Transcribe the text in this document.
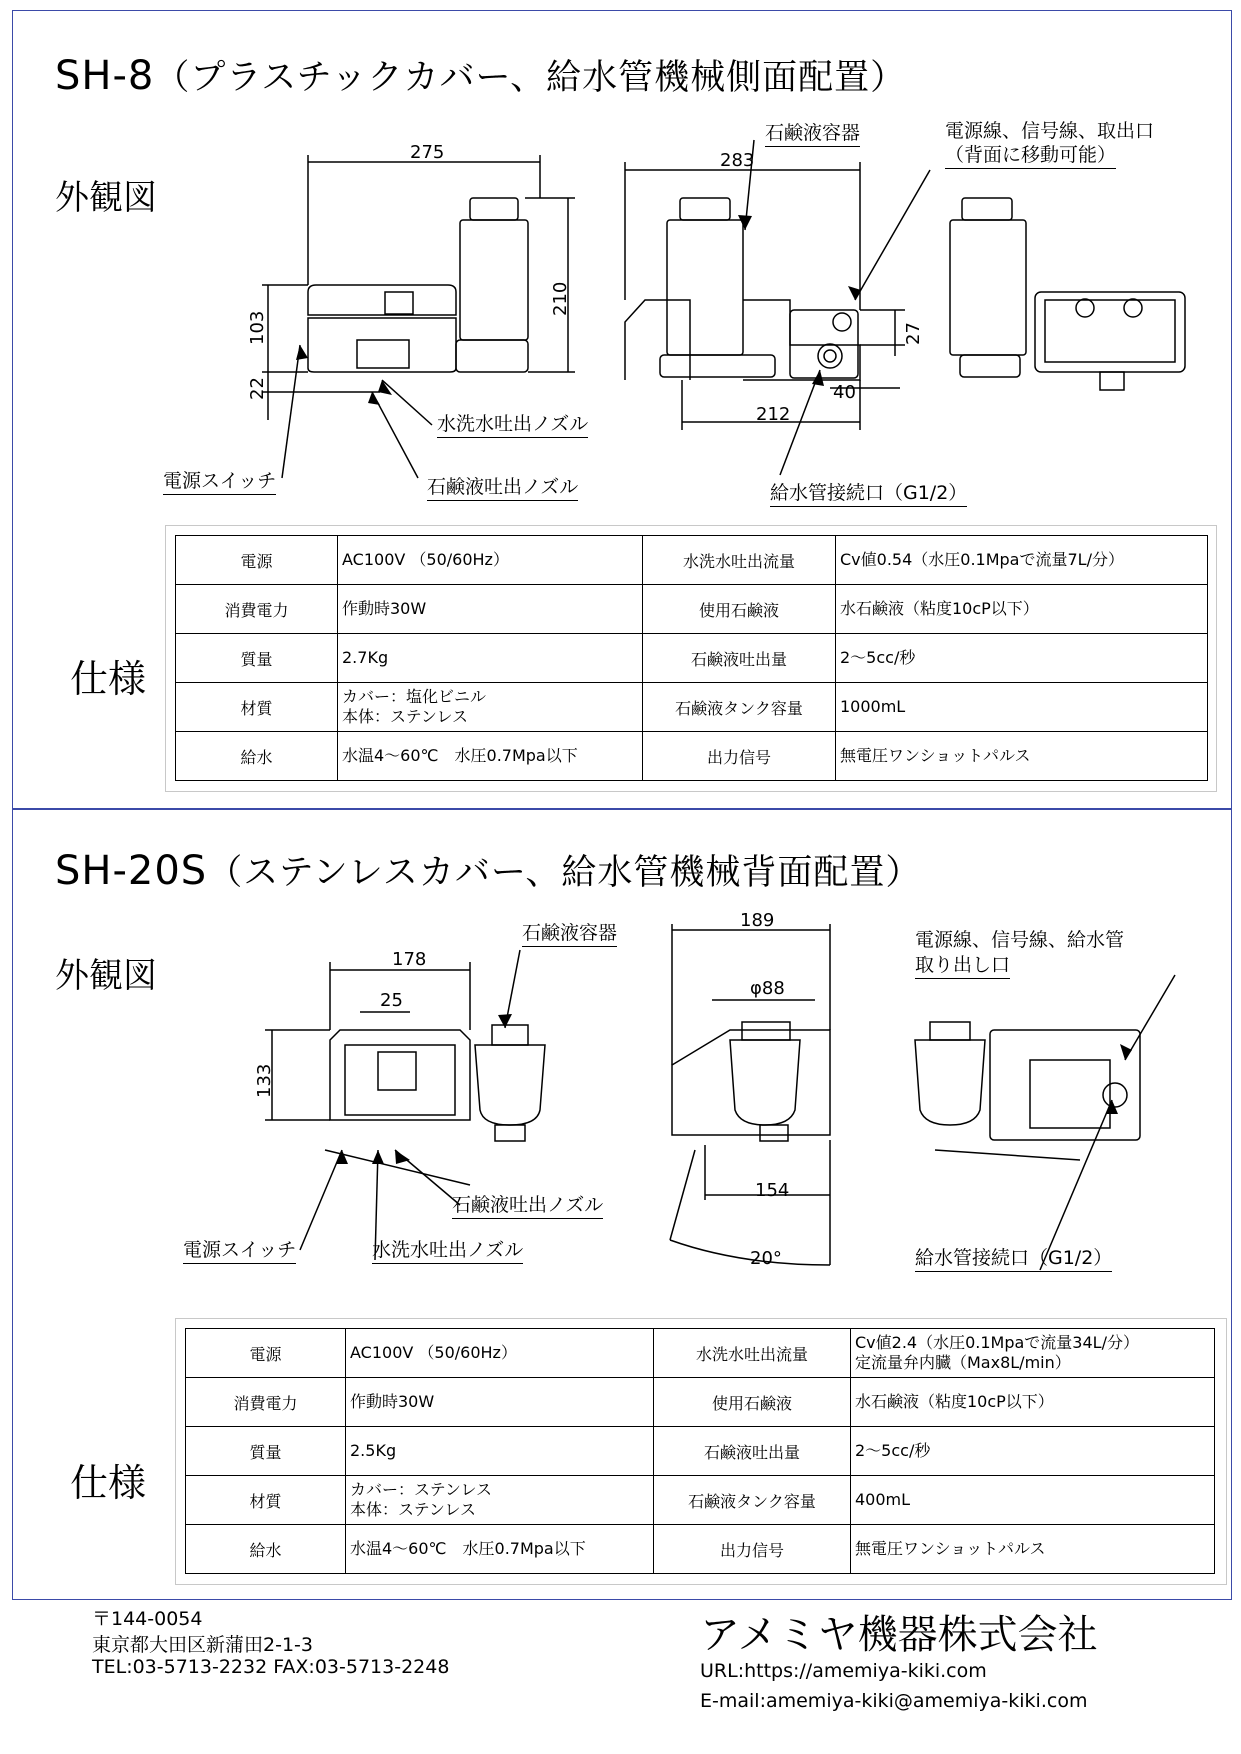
SH-8（プラスチックカバー、給水管機械側面配置）
外観図
275	283
210
103
22
27
40
212
石鹸液容器	電源線、信号線、取出口
（背面に移動可能）
水洗水吐出ノズル
石鹸液吐出ノズル
電源スイッチ
給水管接続口（G1/2）
仕様
電源	AC100V （50/60Hz）	水洗水吐出流量	Cv値0.54（水圧0.1Mpaで流量7L/分）
消費電力	作動時30W	使用石鹸液	水石鹸液（粘度10cP以下）
質量	2.7Kg	石鹸液吐出量	2～5cc/秒
材質	カバー：塩化ビニル
本体：ステンレス	石鹸液タンク容量	1000mL
給水	水温4～60℃　水圧0.7Mpa以下	出力信号	無電圧ワンショットパルス
SH-20S（ステンレスカバー、給水管機械背面配置）
外観図
189
178
25
φ88
133
154
20°
石鹸液容器	電源線、信号線、給水管
取り出し口
石鹸液吐出ノズル
電源スイッチ	水洗水吐出ノズル	給水管接続口（G1/2）
仕様
電源	AC100V （50/60Hz）	水洗水吐出流量	Cv値2.4（水圧0.1Mpaで流量34L/分）
定流量弁内臓（Max8L/min）
消費電力	作動時30W	使用石鹸液	水石鹸液（粘度10cP以下）
質量	2.5Kg	石鹸液吐出量	2～5cc/秒
材質	カバー：ステンレス
本体：ステンレス	石鹸液タンク容量	400mL
給水	水温4～60℃　水圧0.7Mpa以下	出力信号	無電圧ワンショットパルス
〒144-0054
東京都大田区新蒲田2-1-3
TEL:03-5713-2232 FAX:03-5713-2248
アメミヤ機器株式会社
URL:https://amemiya-kiki.com
E-mail:amemiya-kiki@amemiya-kiki.com
